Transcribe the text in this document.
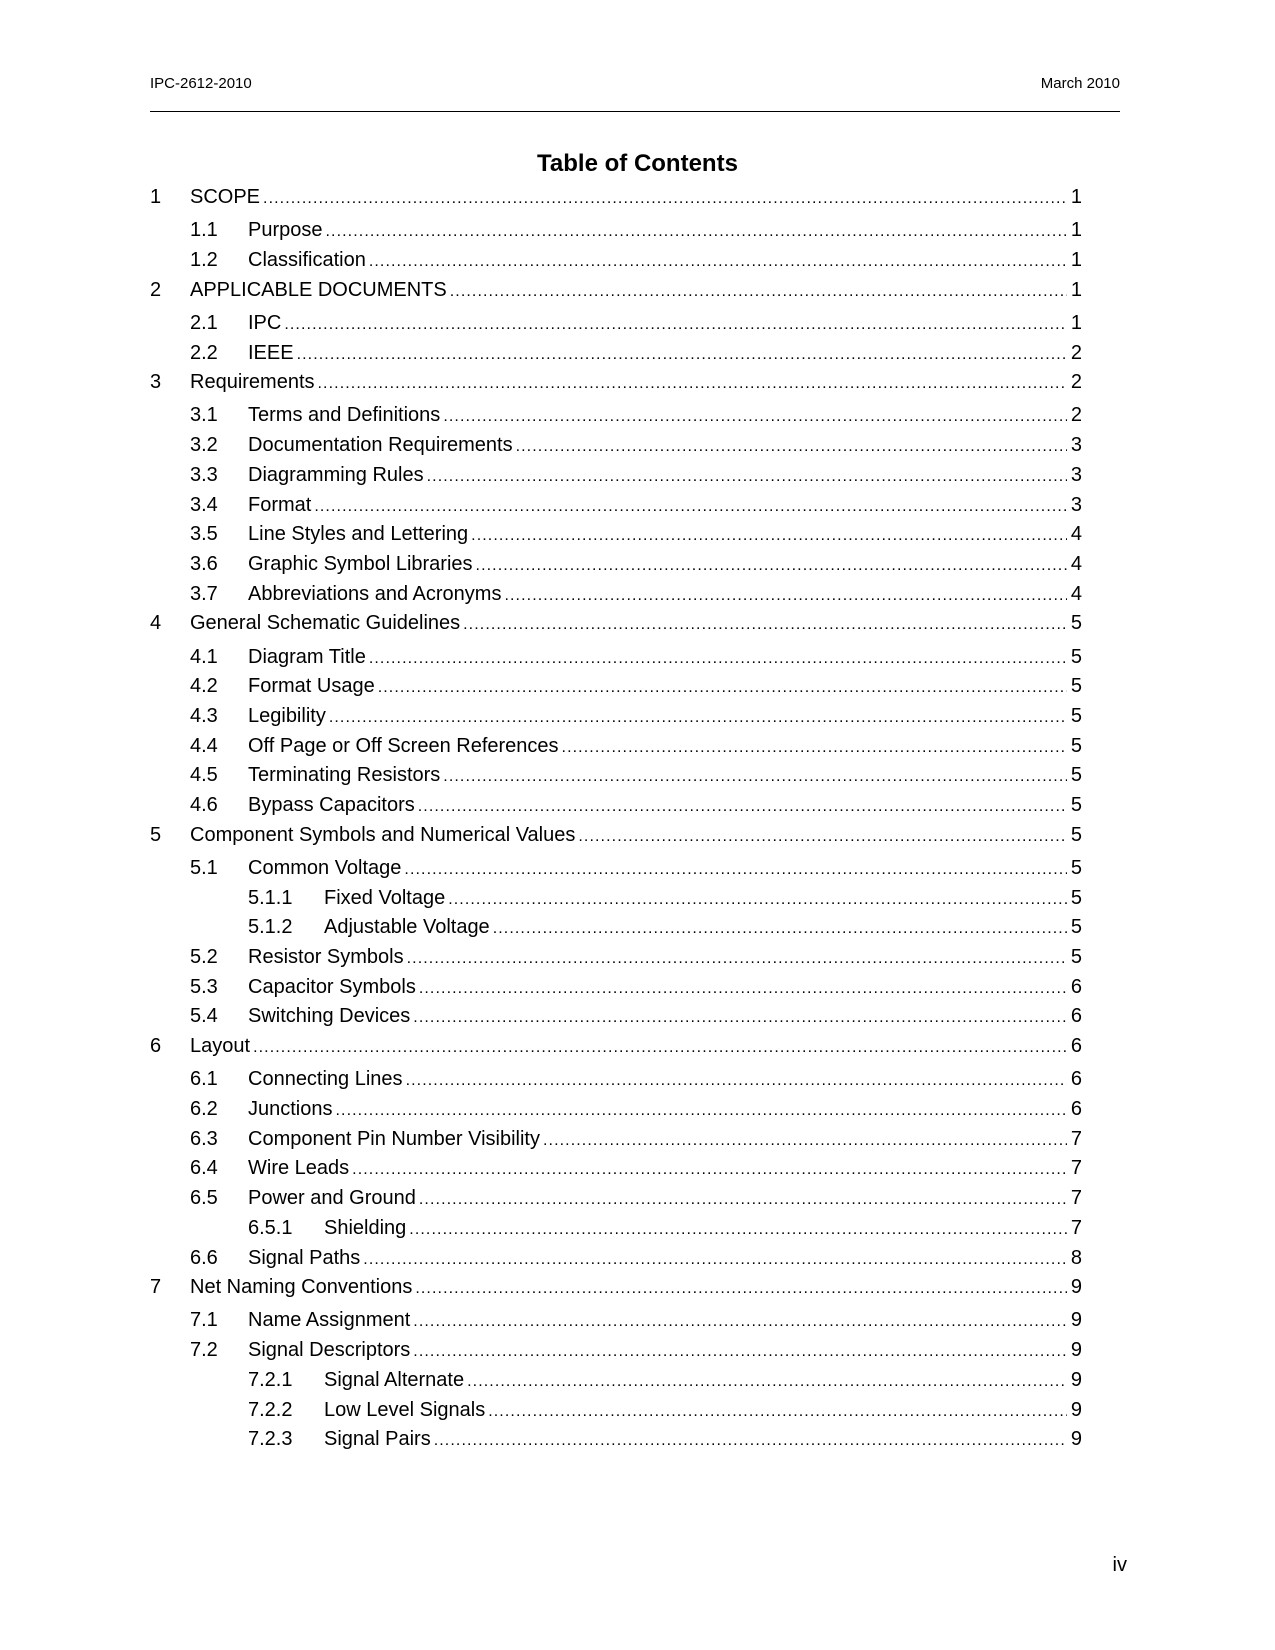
IPC-2612-2010	March 2010
Table of Contents
1	SCOPE .....	1
1.1	Purpose .....	1
1.2	Classification .....	1
2	APPLICABLE DOCUMENTS .....	1
2.1	IPC .....	1
2.2	IEEE .....	2
3	Requirements .....	2
3.1	Terms and Definitions .....	2
3.2	Documentation Requirements .....	3
3.3	Diagramming Rules .....	3
3.4	Format .....	3
3.5	Line Styles and Lettering .....	4
3.6	Graphic Symbol Libraries .....	4
3.7	Abbreviations and Acronyms .....	4
4	General Schematic Guidelines .....	5
4.1	Diagram Title .....	5
4.2	Format Usage .....	5
4.3	Legibility .....	5
4.4	Off Page or Off Screen References .....	5
4.5	Terminating Resistors .....	5
4.6	Bypass Capacitors .....	5
5	Component Symbols and Numerical Values .....	5
5.1	Common Voltage .....	5
5.1.1	Fixed Voltage .....	5
5.1.2	Adjustable Voltage .....	5
5.2	Resistor Symbols .....	5
5.3	Capacitor Symbols .....	6
5.4	Switching Devices .....	6
6	Layout .....	6
6.1	Connecting Lines .....	6
6.2	Junctions .....	6
6.3	Component Pin Number Visibility .....	7
6.4	Wire Leads .....	7
6.5	Power and Ground .....	7
6.5.1	Shielding .....	7
6.6	Signal Paths .....	8
7	Net Naming Conventions .....	9
7.1	Name Assignment .....	9
7.2	Signal Descriptors .....	9
7.2.1	Signal Alternate .....	9
7.2.2	Low Level Signals .....	9
7.2.3	Signal Pairs .....	9
iv
